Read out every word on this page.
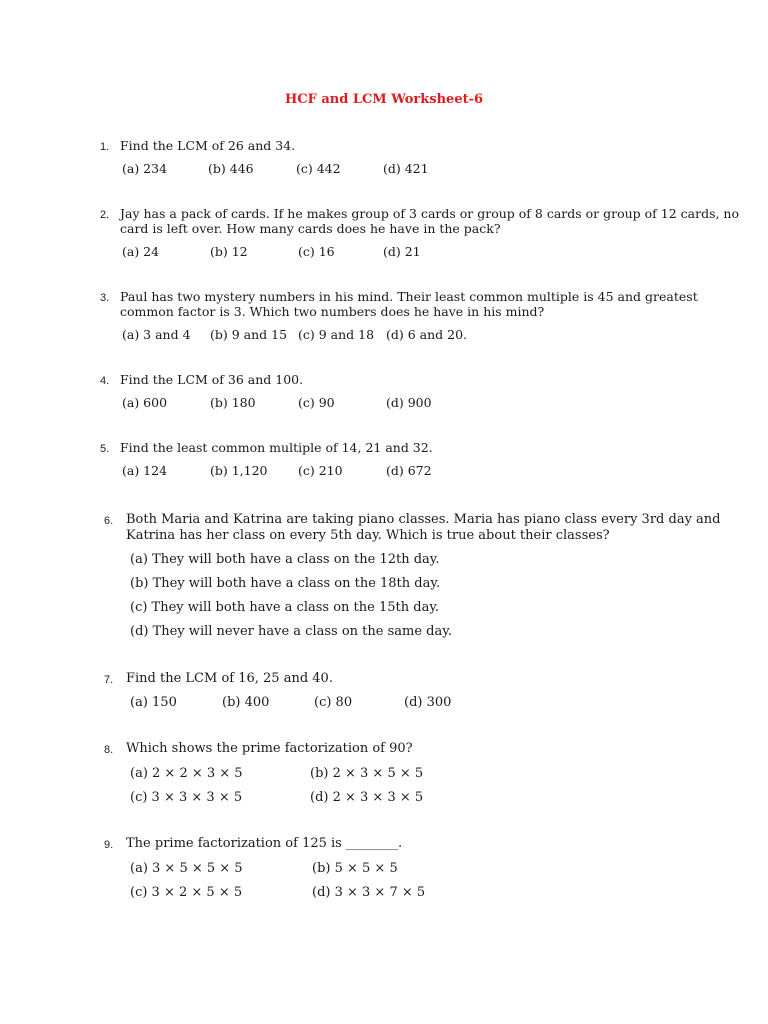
HCF and LCM Worksheet-6
1. Find the LCM of 26 and 34.
(a) 234	(b) 446	(c) 442	(d) 421
2. Jay has a pack of cards. If he makes group of 3 cards or group of 8 cards or group of 12 cards, no
card is left over. How many cards does he have in the pack?
(a) 24	(b) 12	(c) 16	(d) 21
3. Paul has two mystery numbers in his mind. Their least common multiple is 45 and greatest
common factor is 3. Which two numbers does he have in his mind?
(a) 3 and 4 (b) 9 and 15 (c) 9 and 18 (d) 6 and 20.
4. Find the LCM of 36 and 100.
(a) 600	(b) 180	(c) 90	(d) 900
5. Find the least common multiple of 14, 21 and 32.
(a) 124	(b) 1,120 (c) 210	(d) 672
6. Both Maria and Katrina are taking piano classes. Maria has piano class every 3rd day and
Katrina has her class on every 5th day. Which is true about their classes?
(a) They will both have a class on the 12th day.
(b) They will both have a class on the 18th day.
(c) They will both have a class on the 15th day.
(d) They will never have a class on the same day.
7. Find the LCM of 16, 25 and 40.
(a) 150	(b) 400	(c) 80	(d) 300
8. Which shows the prime factorization of 90?
(a) 2 × 2 × 3 × 5	(b) 2 × 3 × 5 × 5
(c) 3 × 3 × 3 × 5	(d) 2 × 3 × 3 × 5
9. The prime factorization of 125 is ________.
(a) 3 × 5 × 5 × 5	(b) 5 × 5 × 5
(c) 3 × 2 × 5 × 5	(d) 3 × 3 × 7 × 5
